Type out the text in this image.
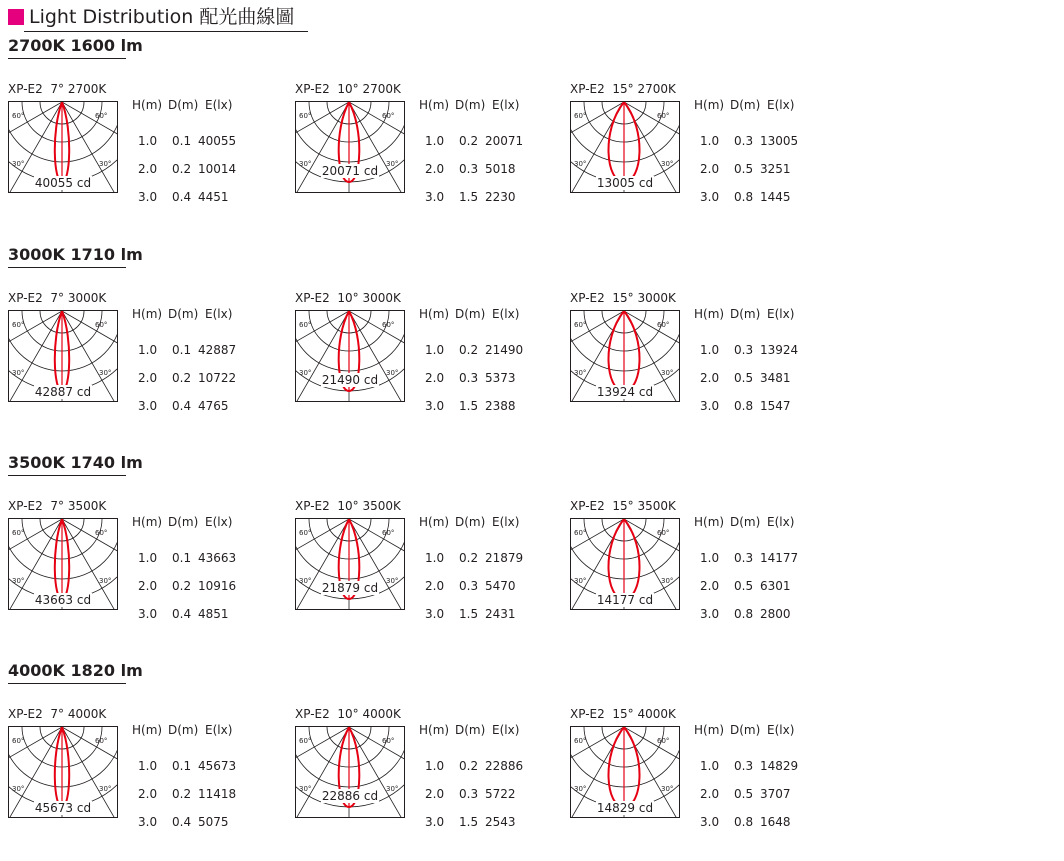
Light Distribution 配光曲線圖
2700K 1600 lm
XP-E2  7° 2700K
60°	60°
30°	30°
40055 cd
H(m) D(m) E(lx)
1.0 0.1 40055
2.0 0.2 10014
3.0 0.4 4451
XP-E2  10° 2700K
60°	60°
30°	30°
20071 cd
H(m) D(m) E(lx)
1.0 0.2 20071
2.0 0.3 5018
3.0 1.5 2230
XP-E2  15° 2700K
60°	60°
30°	30°
13005 cd
H(m) D(m) E(lx)
1.0 0.3 13005
2.0 0.5 3251
3.0 0.8 1445
3000K 1710 lm
XP-E2  7° 3000K
60°	60°
30°	30°
42887 cd
H(m) D(m) E(lx)
1.0 0.1 42887
2.0 0.2 10722
3.0 0.4 4765
XP-E2  10° 3000K
60°	60°
30°	30°
21490 cd
H(m) D(m) E(lx)
1.0 0.2 21490
2.0 0.3 5373
3.0 1.5 2388
XP-E2  15° 3000K
60°	60°
30°	30°
13924 cd
H(m) D(m) E(lx)
1.0 0.3 13924
2.0 0.5 3481
3.0 0.8 1547
3500K 1740 lm
XP-E2  7° 3500K
60°	60°
30°	30°
43663 cd
H(m) D(m) E(lx)
1.0 0.1 43663
2.0 0.2 10916
3.0 0.4 4851
XP-E2  10° 3500K
60°	60°
30°	30°
21879 cd
H(m) D(m) E(lx)
1.0 0.2 21879
2.0 0.3 5470
3.0 1.5 2431
XP-E2  15° 3500K
60°	60°
30°	30°
14177 cd
H(m) D(m) E(lx)
1.0 0.3 14177
2.0 0.5 6301
3.0 0.8 2800
4000K 1820 lm
XP-E2  7° 4000K
60°	60°
30°	30°
45673 cd
H(m) D(m) E(lx)
1.0 0.1 45673
2.0 0.2 11418
3.0 0.4 5075
XP-E2  10° 4000K
60°	60°
30°	30°
22886 cd
H(m) D(m) E(lx)
1.0 0.2 22886
2.0 0.3 5722
3.0 1.5 2543
XP-E2  15° 4000K
60°	60°
30°	30°
14829 cd
H(m) D(m) E(lx)
1.0 0.3 14829
2.0 0.5 3707
3.0 0.8 1648
